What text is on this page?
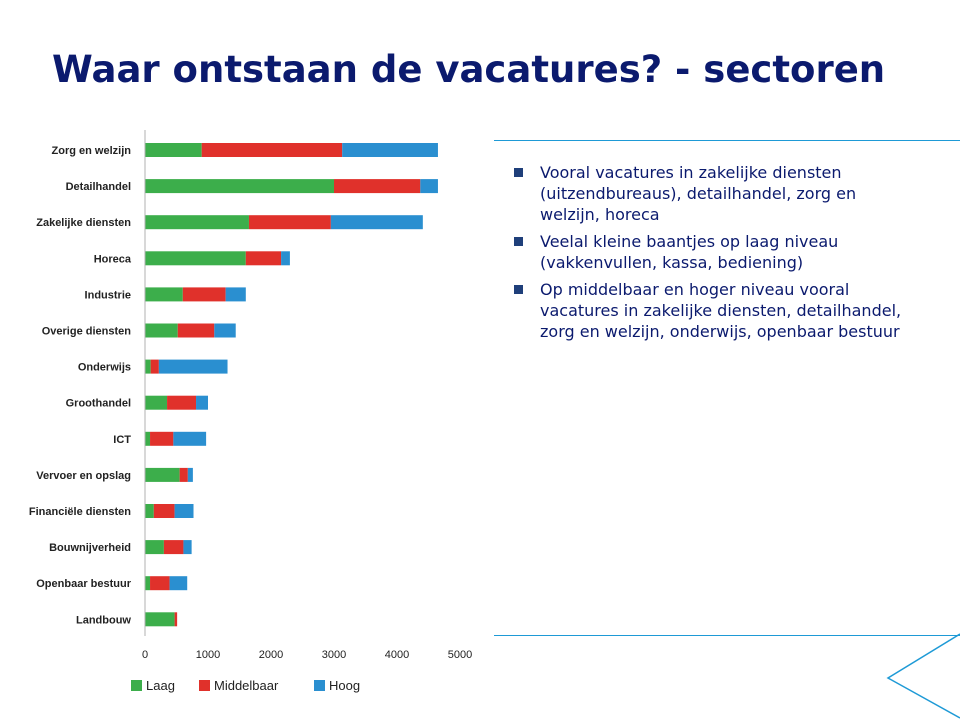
Waar ontstaan de vacatures? - sectoren
Zorg en welzijn
Detailhandel
Zakelijke diensten
Horeca
Industrie
Overige diensten
Onderwijs
Groothandel
ICT
Vervoer en opslag
Financiële diensten
Bouwnijverheid
Openbaar bestuur
Landbouw
0	1000	2000	3000	4000	5000
Laag	Middelbaar	Hoog
Vooral vacatures in zakelijke diensten (uitzendbureaus), detailhandel, zorg en welzijn, horeca
Veelal kleine baantjes op laag niveau (vakkenvullen, kassa, bediening)
Op middelbaar en hoger niveau vooral vacatures in zakelijke diensten, detailhandel, zorg en welzijn, onderwijs, openbaar bestuur
